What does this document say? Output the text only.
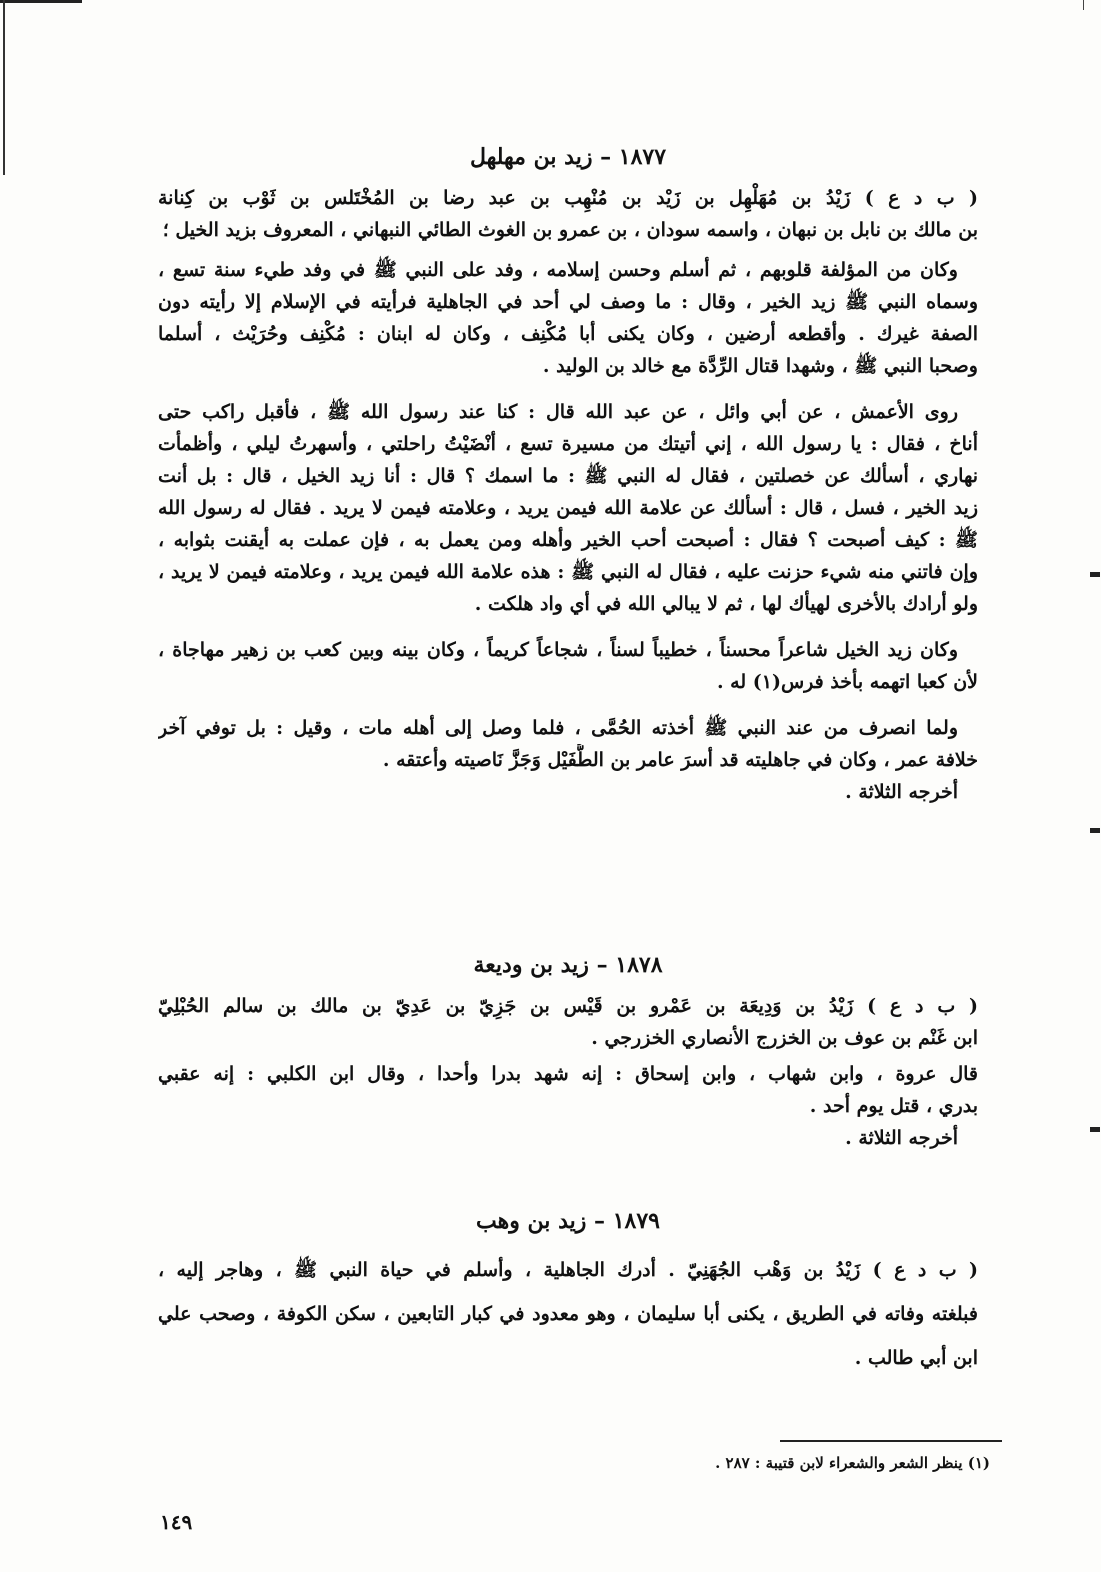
١٨٧٧ – زيد بن مهلهل
( ب د ع ) زَيْدُ بن مُهَلْهِل بن زَيْد بن مُنْهِب بن عبد رضا بن المُخْتَلس بن ثَوْب بن كِنانة
بن مالك بن نابل بن نبهان ، واسمه سودان ، بن عمرو بن الغوث الطائي النبهاني ، المعروف بزيد الخيل ؛
وكان من المؤلفة قلوبهم ، ثم أسلم وحسن إسلامه ، وفد على النبي ﷺ في وفد طيء سنة تسع ،
وسماه النبي ﷺ زيد الخير ، وقال : ما وصف لي أحد في الجاهلية فرأيته في الإسلام إلا رأيته دون
الصفة غيرك . وأقطعه أرضين ، وكان يكنى أبا مُكْنِف ، وكان له ابنان : مُكْنِف وحُرَيْث ، أسلما
وصحبا النبي ﷺ ، وشهدا قتال الرِّدَّة مع خالد بن الوليد .
روى الأعمش ، عن أبي وائل ، عن عبد الله قال : كنا عند رسول الله ﷺ ، فأقبل راكب حتى
أناخ ، فقال : يا رسول الله ، إني أتيتك من مسيرة تسع ، أنْضَيْتُ راحلتي ، وأسهرتُ ليلي ، وأظمأت
نهاري ، أسألك عن خصلتين ، فقال له النبي ﷺ : ما اسمك ؟ قال : أنا زيد الخيل ، قال : بل أنت
زيد الخير ، فسل ، قال : أسألك عن علامة الله فيمن يريد ، وعلامته فيمن لا يريد . فقال له رسول الله
ﷺ : كيف أصبحت ؟ فقال : أصبحت أحب الخير وأهله ومن يعمل به ، فإن عملت به أيقنت بثوابه ،
وإن فاتني منه شيء حزنت عليه ، فقال له النبي ﷺ : هذه علامة الله فيمن يريد ، وعلامته فيمن لا يريد ،
ولو أرادك بالأخرى لهيأك لها ، ثم لا يبالي الله في أي واد هلكت .
وكان زيد الخيل شاعراً محسناً ، خطيباً لسناً ، شجاعاً كريماً ، وكان بينه وبين كعب بن زهير مهاجاة ،
لأن كعبا اتهمه بأخذ فرس(١) له .
ولما انصرف من عند النبي ﷺ أخذته الحُمَّى ، فلما وصل إلى أهله مات ، وقيل : بل توفي آخر
خلافة عمر ، وكان في جاهليته قد أسرَ عامر بن الطُّفَيْل وَجَزَّ نَاصيته وأعتقه .
أخرجه الثلاثة .
١٨٧٨ – زيد بن وديعة
( ب د ع ) زَيْدُ بن وَدِيعَة بن عَمْرو بن قَيْس بن جَزِيّ بن عَدِيّ بن مالك بن سالم الحُبْلِيّ
ابن غَنْم بن عوف بن الخزرج الأنصاري الخزرجي .
قال عروة ، وابن شهاب ، وابن إسحاق : إنه شهد بدرا وأحدا ، وقال ابن الكلبي : إنه عقبي
بدري ، قتل يوم أحد .
أخرجه الثلاثة .
١٨٧٩ – زيد بن وهب
( ب د ع ) زَيْدُ بن وَهْب الجُهَنِيّ . أدرك الجاهلية ، وأسلم في حياة النبي ﷺ ، وهاجر إليه ،
فبلغته وفاته في الطريق ، يكنى أبا سليمان ، وهو معدود في كبار التابعين ، سكن الكوفة ، وصحب علي
ابن أبي طالب .
(١) ينظر الشعر والشعراء لابن قتيبة : ٢٨٧ .
١٤٩
